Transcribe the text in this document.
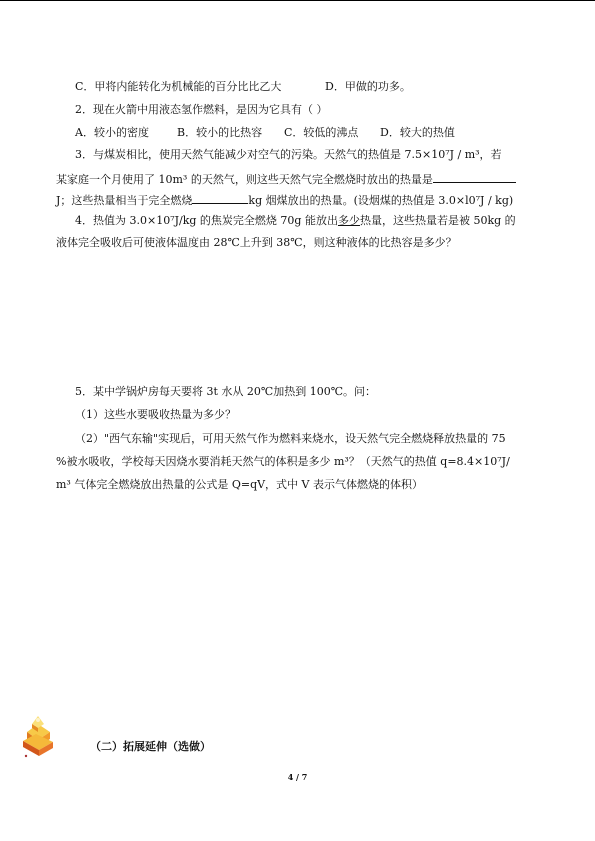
C．甲将内能转化为机械能的百分比比乙大	D．甲做的功多。
2．现在火箭中用液态氢作燃料，是因为它具有（ ）
A．较小的密度	B．较小的比热容 C．较低的沸点 D．较大的热值
3．与煤炭相比，使用天然气能减少对空气的污染。天然气的热值是 7.5×10⁷J / m³，若
某家庭一个月使用了 10m³ 的天然气，则这些天然气完全燃烧时放出的热量是
J；这些热量相当于完全燃烧	kg 烟煤放出的热量。(设烟煤的热值是 3.0×l0⁷J / kg)
4．热值为 3.0×10⁷J/kg 的焦炭完全燃烧 70g 能放出多少热量，这些热量若是被 50kg 的
液体完全吸收后可使液体温度由 28℃上升到 38℃，则这种液体的比热容是多少？
5．某中学锅炉房每天要将 3t 水从 20℃加热到 100℃。问：
（1）这些水要吸收热量为多少？
（2）"西气东输"实现后，可用天然气作为燃料来烧水，设天然气完全燃烧释放热量的 75
%被水吸收，学校每天因烧水要消耗天然气的体积是多少 m³？（天然气的热值 q=8.4×10⁷J/
m³ 气体完全燃烧放出热量的公式是 Q=qV，式中 V 表示气体燃烧的体积）
（二）拓展延伸（选做）
4 / 7
